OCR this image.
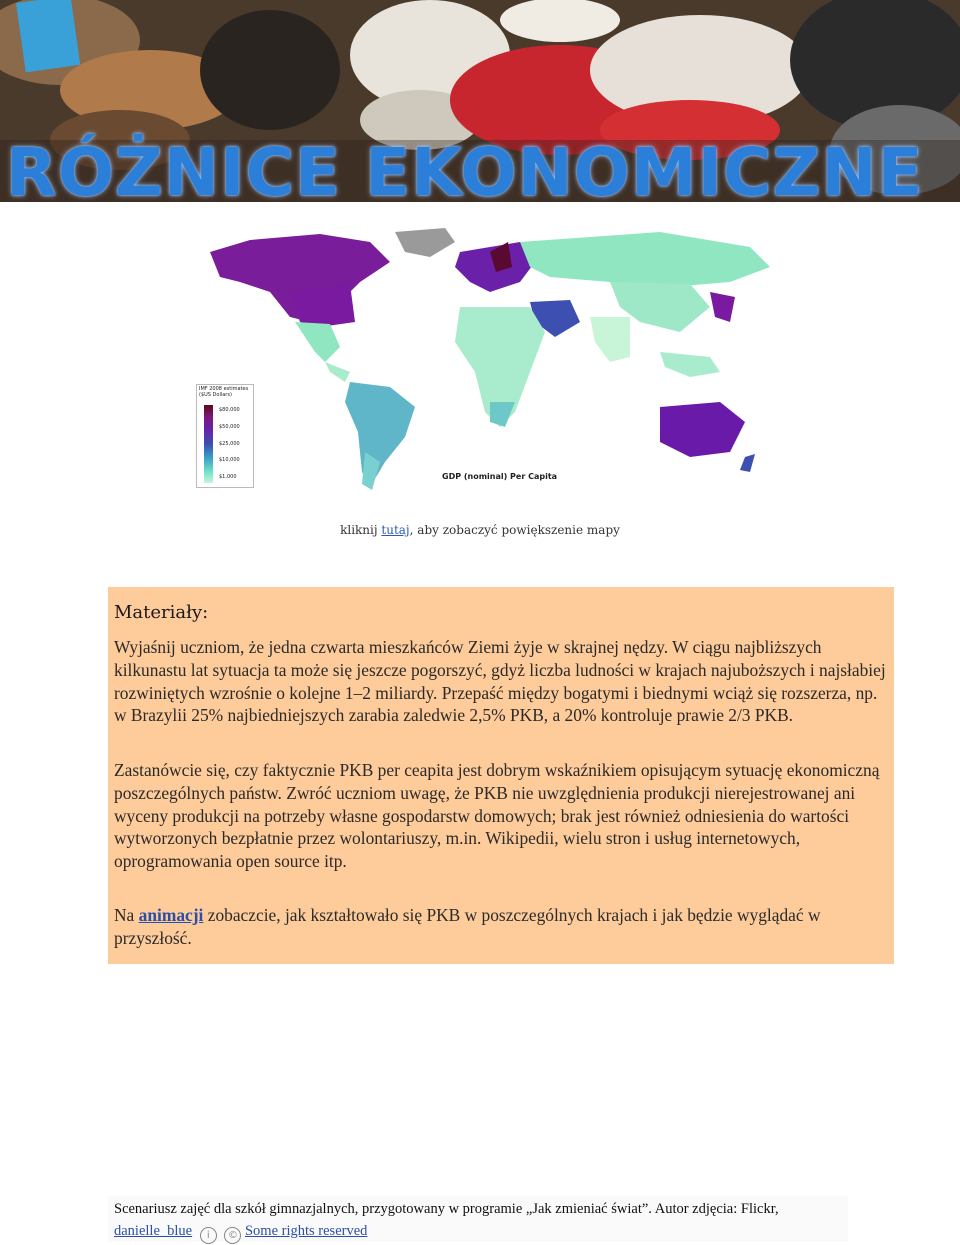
RÓŻNICE EKONOMICZNE
IMF 2008 estimates ($US Dollars)
$80,000
$50,000
$25,000
$10,000
$1,000	GDP (nominal) Per Capita
kliknij tutaj, aby zobaczyć powiększenie mapy
Materiały:
Wyjaśnij uczniom, że jedna czwarta mieszkańców Ziemi żyje w skrajnej nędzy. W ciągu najbliższych kilkunastu lat sytuacja ta może się jeszcze pogorszyć, gdyż liczba ludności w krajach najuboższych i najsłabiej rozwiniętych wzrośnie o kolejne 1–2 miliardy. Przepaść między bogatymi i biednymi wciąż się rozszerza, np. w Brazylii 25% najbiedniejszych zarabia zaledwie 2,5% PKB, a 20% kontroluje prawie 2/3 PKB.
Zastanówcie się, czy faktycznie PKB per ceapita jest dobrym wskaźnikiem opisującym sytuację ekonomiczną poszczególnych państw. Zwróć uczniom uwagę, że PKB nie uwzględnienia produkcji nierejestrowanej ani wyceny produkcji na potrzeby własne gospodarstw domowych; brak jest również odniesienia do wartości wytworzonych bezpłatnie przez wolontariuszy, m.in. Wikipedii, wielu stron i usług internetowych, oprogramowania open source itp.
Na animacji zobaczcie, jak kształtowało się PKB w poszczególnych krajach i jak będzie wyglądać w przyszłość.
Scenariusz zajęć dla szkół gimnazjalnych, przygotowany w programie „Jak zmieniać świat”. Autor zdjęcia: Flickr,
danielle_blue i © Some rights reserved
